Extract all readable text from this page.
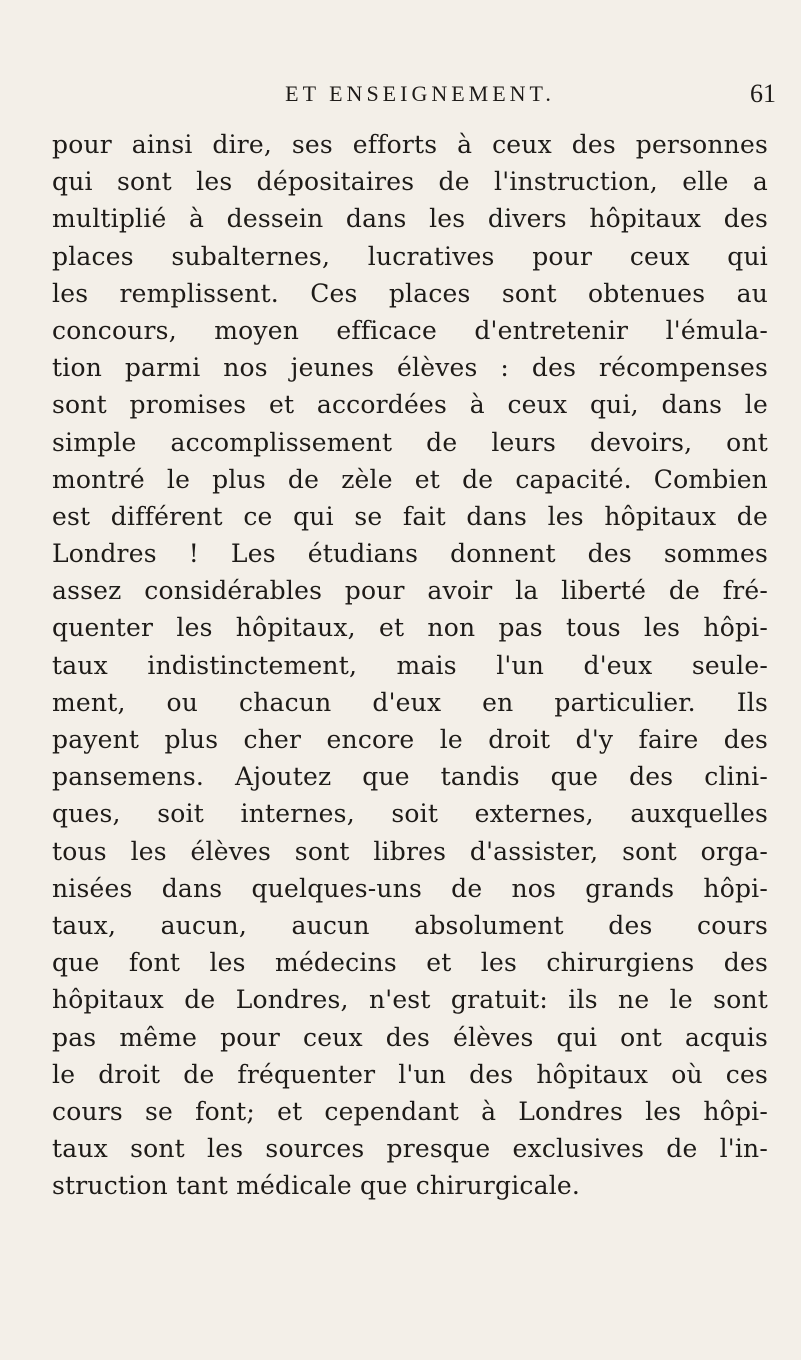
ET ENSEIGNEMENT.	61
pour ainsi dire, ses efforts à ceux des personnes
qui sont les dépositaires de l'instruction, elle a
multiplié à dessein dans les divers hôpitaux des
places subalternes, lucratives pour ceux qui
les remplissent. Ces places sont obtenues au
concours, moyen efficace d'entretenir l'émula-
tion parmi nos jeunes élèves : des récompenses
sont promises et accordées à ceux qui, dans le
simple accomplissement de leurs devoirs, ont
montré le plus de zèle et de capacité. Combien
est différent ce qui se fait dans les hôpitaux de
Londres ! Les étudians donnent des sommes
assez considérables pour avoir la liberté de fré-
quenter les hôpitaux, et non pas tous les hôpi-
taux indistinctement, mais l'un d'eux seule-
ment, ou chacun d'eux en particulier. Ils
payent plus cher encore le droit d'y faire des
pansemens. Ajoutez que tandis que des clini-
ques, soit internes, soit externes, auxquelles
tous les élèves sont libres d'assister, sont orga-
nisées dans quelques-uns de nos grands hôpi-
taux, aucun, aucun absolument des cours
que font les médecins et les chirurgiens des
hôpitaux de Londres, n'est gratuit: ils ne le sont
pas même pour ceux des élèves qui ont acquis
le droit de fréquenter l'un des hôpitaux où ces
cours se font; et cependant à Londres les hôpi-
taux sont les sources presque exclusives de l'in-
struction tant médicale que chirurgicale.
